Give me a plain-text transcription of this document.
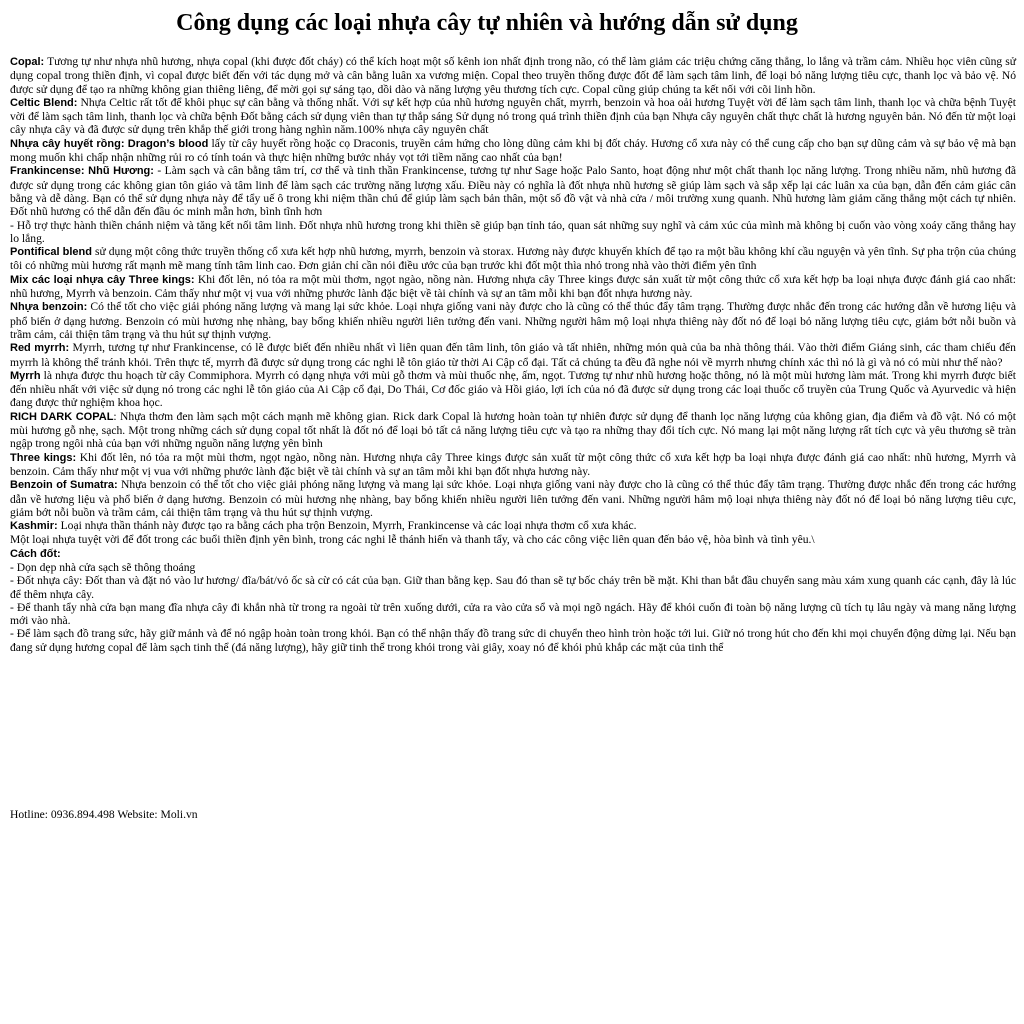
Công dụng các loại nhựa cây tự nhiên và hướng dẫn sử dụng

Copal: Tương tự như nhựa nhũ hương, nhựa copal (khi được đốt cháy) có thể kích hoạt một số kênh ion nhất định trong não, có thể làm giảm các triệu chứng căng thẳng, lo lắng và trầm cảm. Nhiều học viên cũng sử dụng copal trong thiền định, vì copal được biết đến với tác dụng mở và cân bằng luân xa vương miện. Copal theo truyền thống được đốt để làm sạch tâm linh, để loại bỏ năng lượng tiêu cực, thanh lọc và bảo vệ. Nó được sử dụng để tạo ra những không gian thiêng liêng, để mời gọi sự sáng tạo, dồi dào và năng lượng yêu thương tích cực. Copal cũng giúp chúng ta kết nối với cõi linh hồn.

Celtic Blend: Nhựa Celtic rất tốt để khôi phục sự cân bằng và thống nhất. Với sự kết hợp của nhũ hương nguyên chất, myrrh, benzoin và hoa oải hương Tuyệt vời để làm sạch tâm linh, thanh lọc và chữa bệnh Tuyệt vời để làm sạch tâm linh, thanh lọc và chữa bệnh Đốt bằng cách sử dụng viên than tự thắp sáng Sử dụng nó trong quá trình thiền định của bạn Nhựa cây nguyên chất thực chất là hương nguyên bản. Nó đến từ một loại cây nhựa cây và đã được sử dụng trên khắp thế giới trong hàng nghìn năm.100% nhựa cây nguyên chất

Nhựa cây huyết rồng: Dragon’s blood lấy từ cây huyết rồng hoặc cọ Draconis, truyền cảm hứng cho lòng dũng cảm khi bị đốt cháy. Hương cổ xưa này có thể cung cấp cho bạn sự dũng cảm và sự bảo vệ mà bạn mong muốn khi chấp nhận những rủi ro có tính toán và thực hiện những bước nhảy vọt tới tiềm năng cao nhất của bạn!

Frankincense: Nhũ Hương: - Làm sạch và cân bằng tâm trí, cơ thể và tinh thần Frankincense, tương tự như Sage hoặc Palo Santo, hoạt động như một chất thanh lọc năng lượng. Trong nhiều năm, nhũ hương đã được sử dụng trong các không gian tôn giáo và tâm linh để làm sạch các trường năng lượng xấu. Điều này có nghĩa là đốt nhựa nhũ hương sẽ giúp làm sạch và sắp xếp lại các luân xa của bạn, dẫn đến cảm giác cân bằng và dễ dàng. Bạn có thể sử dụng nhựa này để tẩy uế ô trong khi niệm thần chú để giúp làm sạch bản thân, một số đồ vật và nhà cửa / môi trường xung quanh. Nhũ hương làm giảm căng thẳng một cách tự nhiên. Đốt nhũ hương có thể dẫn đến đầu óc minh mẫn hơn, bình tĩnh hơn

- Hỗ trợ thực hành thiền chánh niệm và tăng kết nối tâm linh. Đốt nhựa nhũ hương trong khi thiền sẽ giúp bạn tỉnh táo, quan sát những suy nghĩ và cảm xúc của mình mà không bị cuốn vào vòng xoáy căng thẳng hay lo lắng.

Pontifical blend sử dụng một công thức truyền thống cổ xưa kết hợp nhũ hương, myrrh, benzoin và storax. Hương này được khuyến khích để tạo ra một bầu không khí cầu nguyện và yên tĩnh. Sự pha trộn của chúng tôi có những mùi hương rất mạnh mẽ mang tính tâm linh cao. Đơn giản chỉ cần nói điều ước của bạn trước khi đốt một thìa nhỏ trong nhà vào thời điểm yên tĩnh

Mix các loại nhựa cây Three kings: Khi đốt lên, nó tỏa ra một mùi thơm, ngọt ngào, nồng nàn. Hương nhựa cây Three kings được sản xuất từ một công thức cổ xưa kết hợp ba loại nhựa được đánh giá cao nhất: nhũ hương, Myrrh và benzoin. Cảm thấy như một vị vua với những phước lành đặc biệt về tài chính và sự an tâm mỗi khi bạn đốt nhựa hương này.

Nhựa benzoin: Có thể tốt cho việc giải phóng năng lượng và mang lại sức khỏe. Loại nhựa giống vani này được cho là cũng có thể thúc đẩy tâm trạng. Thường được nhắc đến trong các hướng dẫn về hương liệu và phổ biến ở dạng hương. Benzoin có mùi hương nhẹ nhàng, bay bổng khiến nhiều người liên tưởng đến vani. Những người hâm mộ loại nhựa thiêng này đốt nó để loại bỏ năng lượng tiêu cực, giảm bớt nỗi buồn và trầm cảm, cải thiện tâm trạng và thu hút sự thịnh vượng.

Red myrrh: Myrrh, tương tự như Frankincense, có lẽ được biết đến nhiều nhất vì liên quan đến tâm linh, tôn giáo và tất nhiên, những món quà của ba nhà thông thái. Vào thời điểm Giáng sinh, các tham chiếu đến myrrh là không thể tránh khỏi. Trên thực tế, myrrh đã được sử dụng trong các nghi lễ tôn giáo từ thời Ai Cập cổ đại. Tất cả chúng ta đều đã nghe nói về myrrh nhưng chính xác thì nó là gì và nó có mùi như thế nào?

Myrrh là nhựa được thu hoạch từ cây Commiphora. Myrrh có dạng nhựa với mùi gỗ thơm và mùi thuốc nhẹ, ấm, ngọt. Tương tự như nhũ hương hoặc thông, nó là một mùi hương làm mát. Trong khi myrrh được biết đến nhiều nhất với việc sử dụng nó trong các nghi lễ tôn giáo của Ai Cập cổ đại, Do Thái, Cơ đốc giáo và Hồi giáo, lợi ích của nó đã được sử dụng trong các loại thuốc cổ truyền của Trung Quốc và Ayurvedic và hiện đang được thử nghiệm khoa học.

RICH DARK COPAL: Nhựa thơm đen làm sạch một cách mạnh mẽ không gian. Rick dark Copal là hương hoàn toàn tự nhiên được sử dụng để thanh lọc năng lượng của không gian, địa điểm và đồ vật. Nó có một mùi hương gỗ nhẹ, sạch. Một trong những cách sử dụng copal tốt nhất là đốt nó để loại bỏ tất cả năng lượng tiêu cực và tạo ra những thay đổi tích cực. Nó mang lại một năng lượng rất tích cực và yêu thương sẽ tràn ngập trong ngôi nhà của bạn với những nguồn năng lượng yên bình

Three kings: Khi đốt lên, nó tỏa ra một mùi thơm, ngọt ngào, nồng nàn. Hương nhựa cây Three kings được sản xuất từ một công thức cổ xưa kết hợp ba loại nhựa được đánh giá cao nhất: nhũ hương, Myrrh và benzoin. Cảm thấy như một vị vua với những phước lành đặc biệt về tài chính và sự an tâm mỗi khi bạn đốt nhựa hương này.

Benzoin of Sumatra: Nhựa benzoin có thể tốt cho việc giải phóng năng lượng và mang lại sức khỏe. Loại nhựa giống vani này được cho là cũng có thể thúc đẩy tâm trạng. Thường được nhắc đến trong các hướng dẫn về hương liệu và phổ biến ở dạng hương. Benzoin có mùi hương nhẹ nhàng, bay bổng khiến nhiều người liên tưởng đến vani. Những người hâm mộ loại nhựa thiêng này đốt nó để loại bỏ năng lượng tiêu cực, giảm bớt nỗi buồn và trầm cảm, cải thiện tâm trạng và thu hút sự thịnh vượng.

Kashmir: Loại nhựa thần thánh này được tạo ra bằng cách pha trộn Benzoin, Myrrh, Frankincense và các loại nhựa thơm cổ xưa khác.

Một loại nhựa tuyệt vời để đốt trong các buổi thiền định yên bình, trong các nghi lễ thánh hiến và thanh tẩy, và cho các công việc liên quan đến bảo vệ, hòa bình và tình yêu.\

Cách đốt:

- Dọn dẹp nhà cửa sạch sẽ thông thoáng
- Đốt nhựa cây: Đốt than và đặt nó vào lư hương/ đĩa/bát/vỏ ốc sà cừ có cát của bạn. Giữ than bằng kẹp. Sau đó than sẽ tự bốc cháy trên bề mặt. Khi than bắt đầu chuyển sang màu xám xung quanh các cạnh, đây là lúc để thêm nhựa cây.
- Để thanh tẩy nhà cửa bạn mang đĩa nhựa cây đi khắn nhà từ trong ra ngoài từ trên xuống dưới, cửa ra vào cửa sổ và mọi ngõ ngách. Hãy để khói cuốn đi toàn bộ năng lượng cũ tích tụ lâu ngày và mang năng lượng mới vào nhà.
- Để làm sạch đồ trang sức, hãy giữ mảnh và để nó ngập hoàn toàn trong khói. Bạn có thể nhận thấy đồ trang sức di chuyển theo hình tròn hoặc tới lui. Giữ nó trong hút cho đến khi mọi chuyển động dừng lại. Nếu bạn đang sử dụng hương copal để làm sạch tinh thể (đá năng lượng), hãy giữ tinh thể trong khói trong vài giây, xoay nó để khói phủ khắp các mặt của tinh thể
Hotline: 0936.894.498 Website: Moli.vn
